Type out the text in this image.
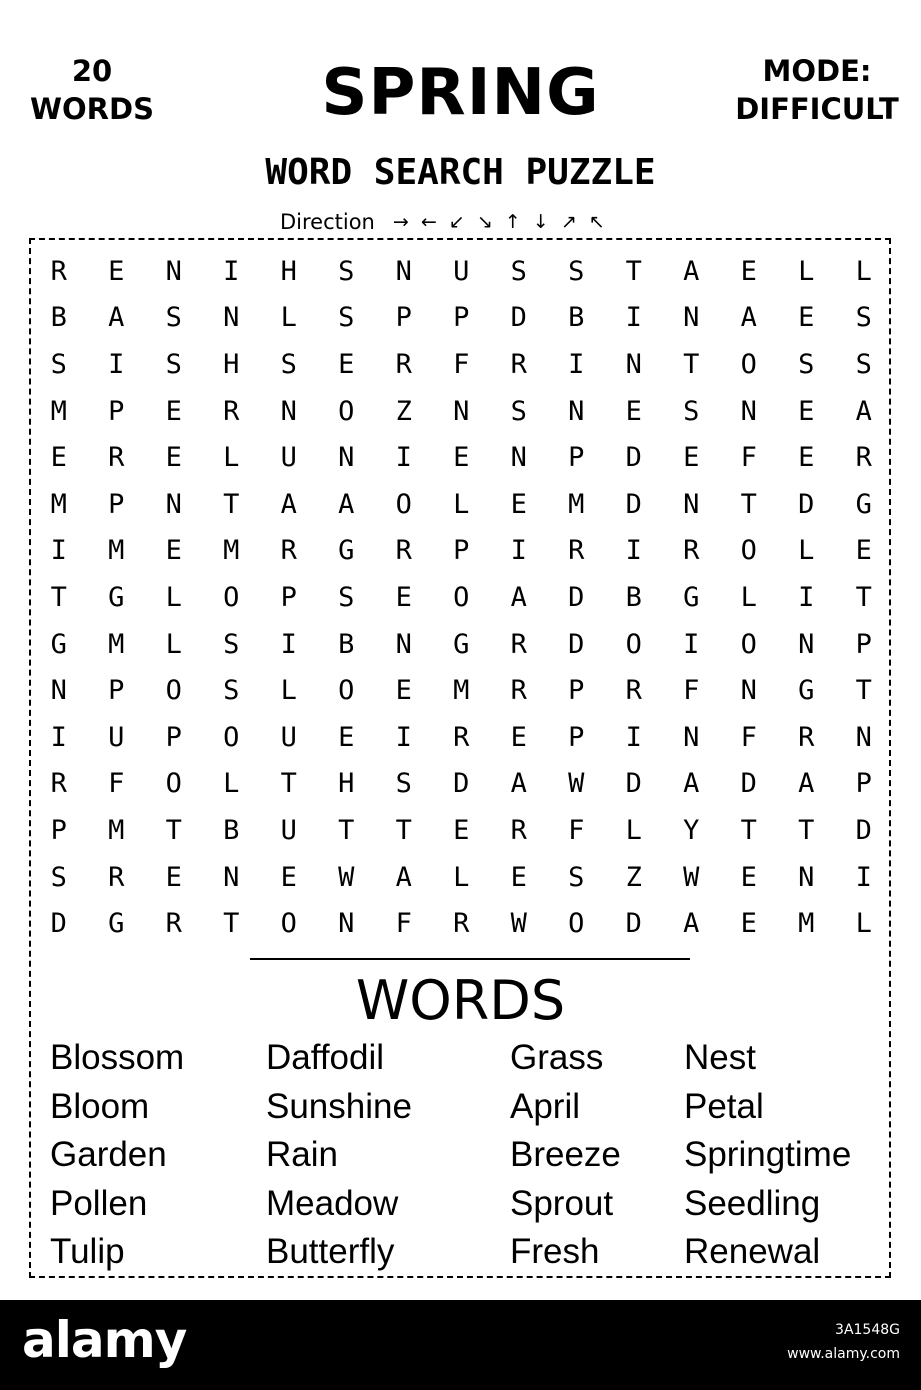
20
WORDS	SPRING	MODE:
DIFFICULT
WORD SEARCH PUZZLE
Direction → ← ↙ ↘ ↑ ↓ ↗ ↖
R	E	N	I	H	S	N	U	S	S	T	A	E	L	L
B	A	S	N	L	S	P	P	D	B	I	N	A	E	S
S	I	S	H	S	E	R	F	R	I	N	T	O	S	S
M	P	E	R	N	O	Z	N	S	N	E	S	N	E	A
E	R	E	L	U	N	I	E	N	P	D	E	F	E	R
M	P	N	T	A	A	O	L	E	M	D	N	T	D	G
I	M	E	M	R	G	R	P	I	R	I	R	O	L	E
T	G	L	O	P	S	E	O	A	D	B	G	L	I	T
G	M	L	S	I	B	N	G	R	D	O	I	O	N	P
N	P	O	S	L	O	E	M	R	P	R	F	N	G	T
I	U	P	O	U	E	I	R	E	P	I	N	F	R	N
R	F	O	L	T	H	S	D	A	W	D	A	D	A	P
P	M	T	B	U	T	T	E	R	F	L	Y	T	T	D
S	R	E	N	E	W	A	L	E	S	Z	W	E	N	I
D	G	R	T	O	N	F	R	W	O	D	A	E	M	L
WORDS
Blossom
Bloom
Garden
Pollen
Tulip
Daffodil
Sunshine
Rain
Meadow
Butterfly
Grass
April
Breeze
Sprout
Fresh
Nest
Petal
Springtime
Seedling
Renewal
alamy	3A1548G
www.alamy.com
